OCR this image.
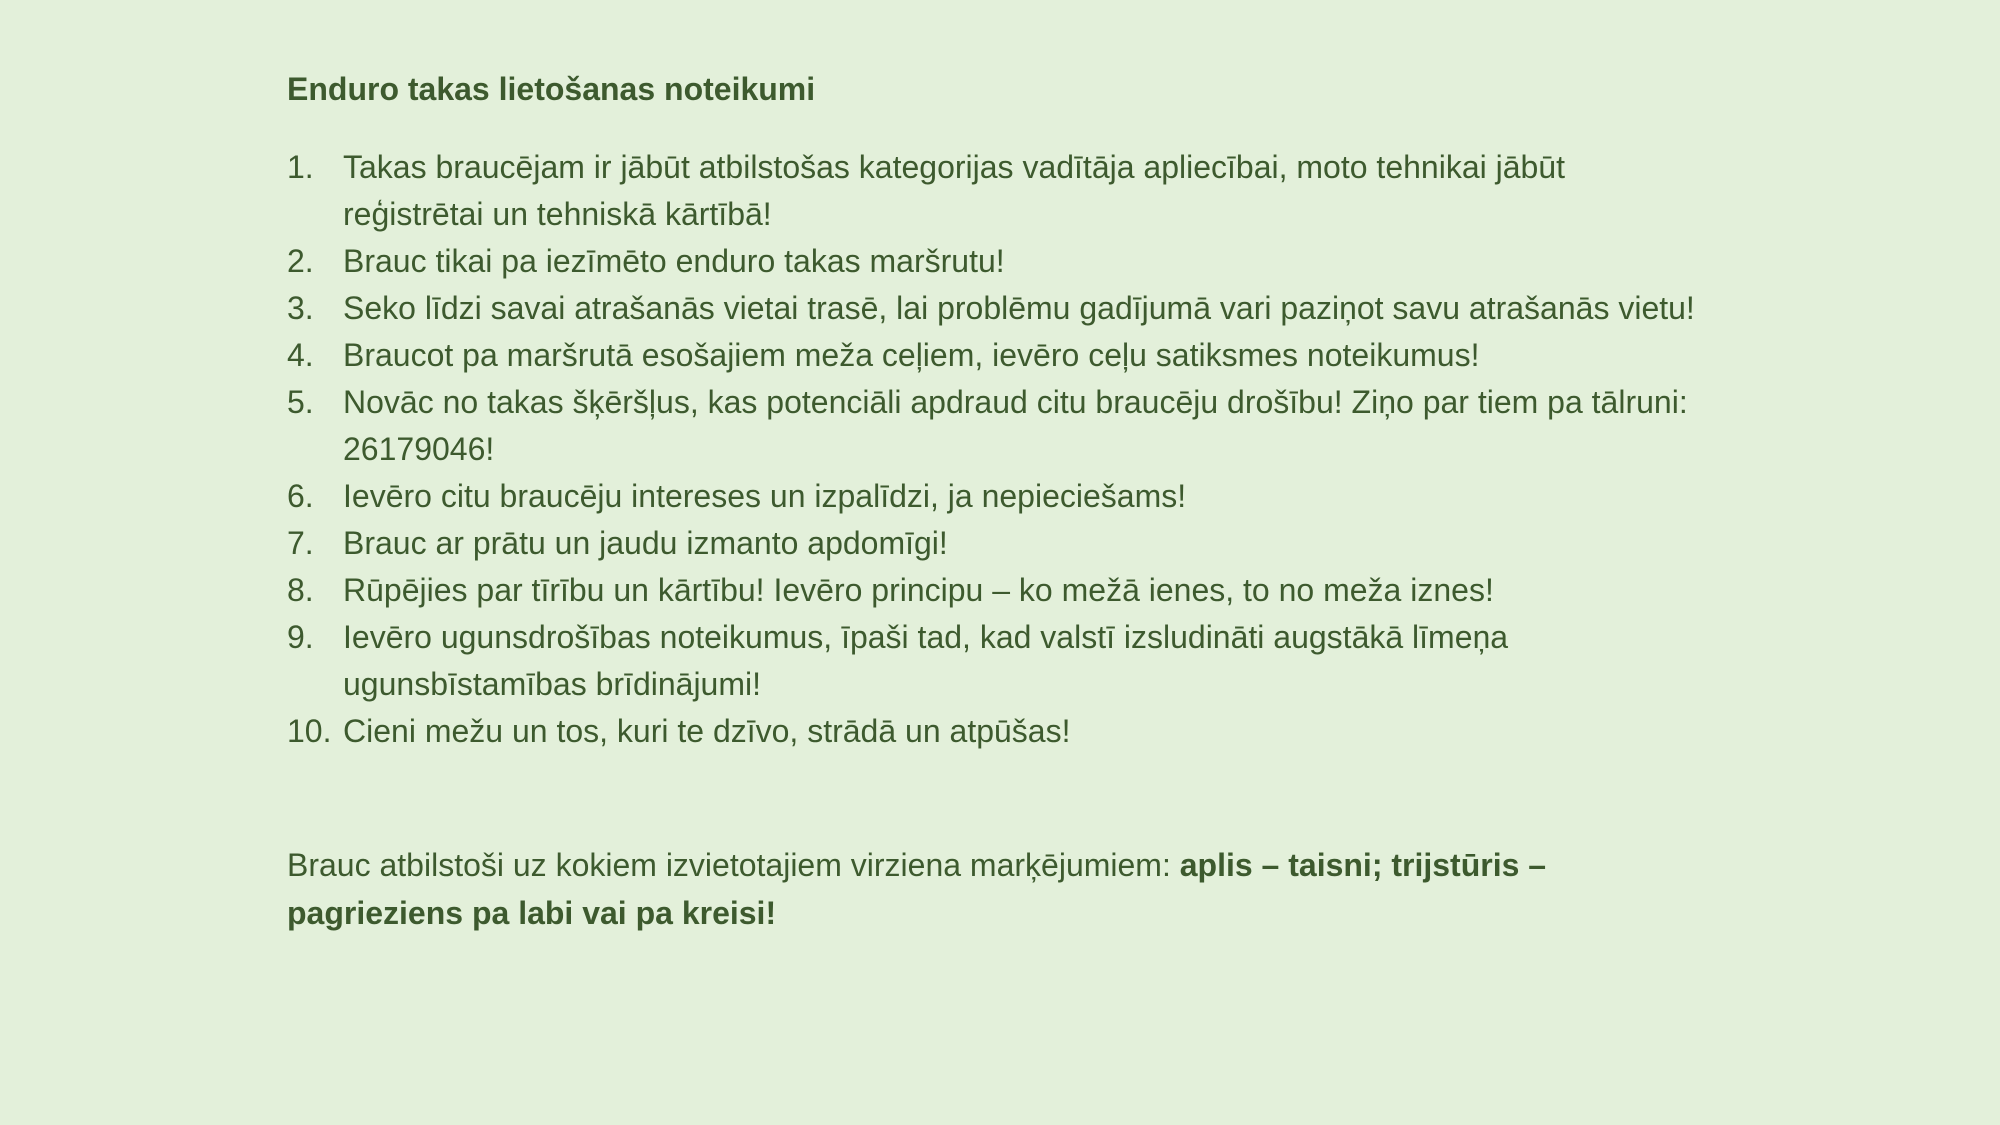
Enduro takas lietošanas noteikumi
1. Takas braucējam ir jābūt atbilstošas kategorijas vadītāja apliecībai, moto tehnikai jābūt reģistrētai un tehniskā kārtībā!
2. Brauc tikai pa iezīmēto enduro takas maršrutu!
3. Seko līdzi savai atrašanās vietai trasē, lai problēmu gadījumā vari paziņot savu atrašanās vietu!
4. Braucot pa maršrutā esošajiem meža ceļiem, ievēro ceļu satiksmes noteikumus!
5. Novāc no takas šķēršļus, kas potenciāli apdraud citu braucēju drošību! Ziņo par tiem pa tālruni: 26179046!
6. Ievēro citu braucēju intereses un izpalīdzi, ja nepieciešams!
7. Brauc ar prātu un jaudu izmanto apdomīgi!
8. Rūpējies par tīrību un kārtību! Ievēro principu – ko mežā ienes, to no meža iznes!
9. Ievēro ugunsdrošības noteikumus, īpaši tad, kad valstī izsludināti augstākā līmeņa ugunsbīstamības brīdinājumi!
10. Cieni mežu un tos, kuri te dzīvo, strādā un atpūšas!

Brauc atbilstoši uz kokiem izvietotajiem virziena marķējumiem: aplis – taisni; trijstūris – pagrieziens pa labi vai pa kreisi!
